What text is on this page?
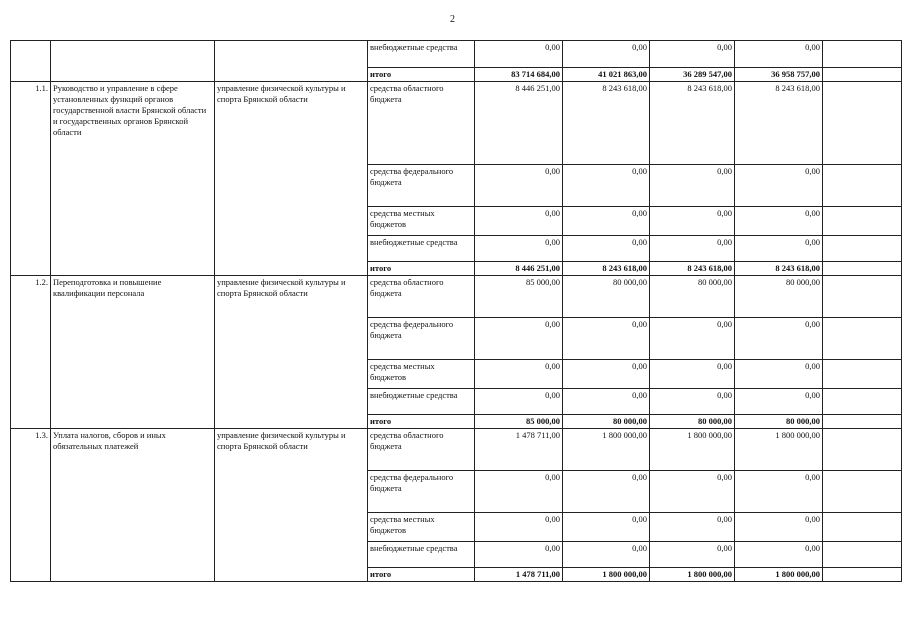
2
			внебюджетные средства	0,00	0,00	0,00	0,00	
			итого	83 714 684,00	41 021 863,00	36 289 547,00	36 958 757,00	
1.1.	Руководство и управление в сфере установленных функций органов государственной власти Брянской области и государственных органов Брянской области	управление физической культуры и спорта Брянской области	средства областного бюджета	8 446 251,00	8 243 618,00	8 243 618,00	8 243 618,00	
			средства федерального бюджета	0,00	0,00	0,00	0,00	
			средства местных бюджетов	0,00	0,00	0,00	0,00	
			внебюджетные средства	0,00	0,00	0,00	0,00	
			итого	8 446 251,00	8 243 618,00	8 243 618,00	8 243 618,00	
1.2.	Переподготовка и повышение квалификации персонала	управление физической культуры и спорта Брянской области	средства областного бюджета	85 000,00	80 000,00	80 000,00	80 000,00	
			средства федерального бюджета	0,00	0,00	0,00	0,00	
			средства местных бюджетов	0,00	0,00	0,00	0,00	
			внебюджетные средства	0,00	0,00	0,00	0,00	
			итого	85 000,00	80 000,00	80 000,00	80 000,00	
1.3.	Уплата налогов, сборов и иных обязательных платежей	управление физической культуры и спорта Брянской области	средства областного бюджета	1 478 711,00	1 800 000,00	1 800 000,00	1 800 000,00	
			средства федерального бюджета	0,00	0,00	0,00	0,00	
			средства местных бюджетов	0,00	0,00	0,00	0,00	
			внебюджетные средства	0,00	0,00	0,00	0,00	
			итого	1 478 711,00	1 800 000,00	1 800 000,00	1 800 000,00	
